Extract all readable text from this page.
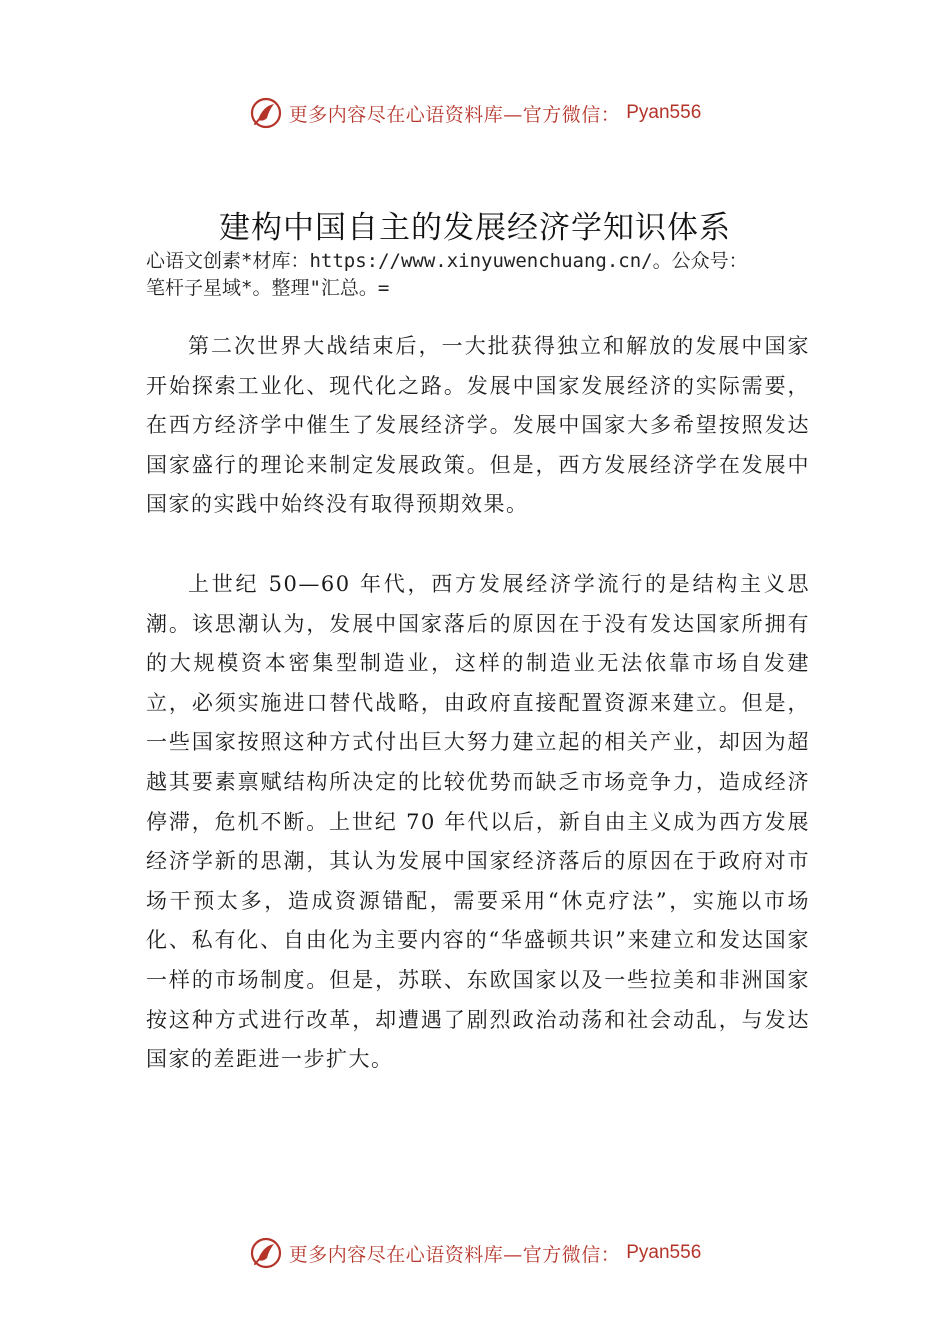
更多内容尽在心语资料库—官方微信： Pyan556
建构中国自主的发展经济学知识体系
心语文创素*材库：https://www.xinyuwenchuang.cn/。公众号：
笔杆子星域*。整理"汇总。=
第二次世界大战结束后，一大批获得独立和解放的发展中国家开始探索工业化、现代化之路。发展中国家发展经济的实际需要，在西方经济学中催生了发展经济学。发展中国家大多希望按照发达国家盛行的理论来制定发展政策。但是，西方发展经济学在发展中国家的实践中始终没有取得预期效果。
上世纪 50—60 年代，西方发展经济学流行的是结构主义思潮。该思潮认为，发展中国家落后的原因在于没有发达国家所拥有的大规模资本密集型制造业，这样的制造业无法依靠市场自发建立，必须实施进口替代战略，由政府直接配置资源来建立。但是，一些国家按照这种方式付出巨大努力建立起的相关产业，却因为超越其要素禀赋结构所决定的比较优势而缺乏市场竞争力，造成经济停滞，危机不断。上世纪 70 年代以后，新自由主义成为西方发展经济学新的思潮，其认为发展中国家经济落后的原因在于政府对市场干预太多，造成资源错配，需要采用“休克疗法”，实施以市场化、私有化、自由化为主要内容的“华盛顿共识”来建立和发达国家一样的市场制度。但是，苏联、东欧国家以及一些拉美和非洲国家按这种方式进行改革，却遭遇了剧烈政治动荡和社会动乱，与发达国家的差距进一步扩大。
更多内容尽在心语资料库—官方微信： Pyan556
